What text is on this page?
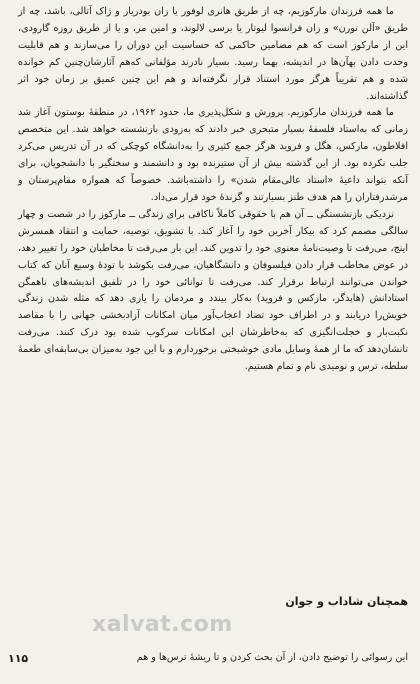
ما همه فرزندان مارکوزیم، چه از طریق هانری لوفور یا زان بودریار و ژاک آتالی، باشد، چه از طریق «آلن تورن» و زان فرانسوا لیوتار یا برسی لالوند، و امین مر، و یا از طریق روزه گارودی، این از مارکوز است که هم مضامین حاکمی که حساسیت این دوران را می‌سازند و هم قابلیت وحدت دادن بهآن‌ها در اندیشه، بهما رسید. بسیار نادرند مؤلفانی که‌هم آثارشان‌چنین کم خوانده شده و هم تقریباً هرگز مورد استناد قرار نگرفته‌اند و هم این چنین عمیق بر زمان خود اثر گذاشته‌اند.

ما همه فرزندان مارکوزیم. پرورش و شکل‌پذیری ما، حدود ۱۹۶۲، در منطقهٔ بوستون آغاز شد زمانی که به‌استاد فلسفهٔ بسیار متبحری خبر دادند که به‌زودی بازنشسته خواهد شد. این متخصص افلاطون، مارکس، هگل و فروید هرگز جمع کثیری را به‌دانشگاه کوچکی که در آن تدریس می‌کرد جلب نکرده بود. از این گذشته بیش از آن ستیزنده بود و دانشمند و سختگیر با دانشجویان، برای آنکه بتواند داعیهٔ «استاد عالی‌مقام شدن» را داشته‌باشد. خصوصاً که همواره مقام‌پرستان و مرشدرفتاران را هم هدف طنز بسیارتند و گزندهٔ خود قرار می‌داد.

نزدیکی بازنشستگی ــ آن هم با حقوقی کاملاً ناکافی برای زندگی ــ مارکوز را در شصت و چهار سالگی مصمم کرد که بیکار آخرین خود را آغاز کند. با تشویق، توصیه، حمایت و انتقاد همسرش اینج، می‌رفت تا وصیت‌نامهٔ معنوی خود را تدوین کند. این بار می‌رفت تا مخاطبان خود را تغییر دهد، در عوض مخاطب قرار دادن فیلسوفان و دانشگاهیان، می‌رفت بکوشد با تودهٔ وسیع آنان که کتاب خواندن می‌توانند ارتباط برقرار کند. می‌رفت تا توانائی خود را در تلفیق اندیشه‌های ناهمگن استادانش (هایدگر، مارکس و فروید) به‌کار بیندد و مردمان را یاری دهد که مثله شدن زندگی خویش‌را دریابند و در اطراف خود تضاد اعجاب‌آور میان امکانات آزادبخشی جهانی را با مقاصد نکبت‌بار و خجلت‌انگیزی که به‌خاطرشان این امکانات سرکوب شده بود درک کنند. می‌رفت تانشان‌دهد که ما از همهٔ وسایل مادی خوشبختی برخوردارم و با این جود به‌میزان بی‌سابقه‌ای طعمهٔ سلطه، ترس و نومیدی نام و تمام هستیم.

همچنان شاداب و جوان
xalvat.com
این رسوائی را توضیح دادن، از آن بحث کردن و تا ریشهٔ ترس‌ها و هم
۱۱۵
